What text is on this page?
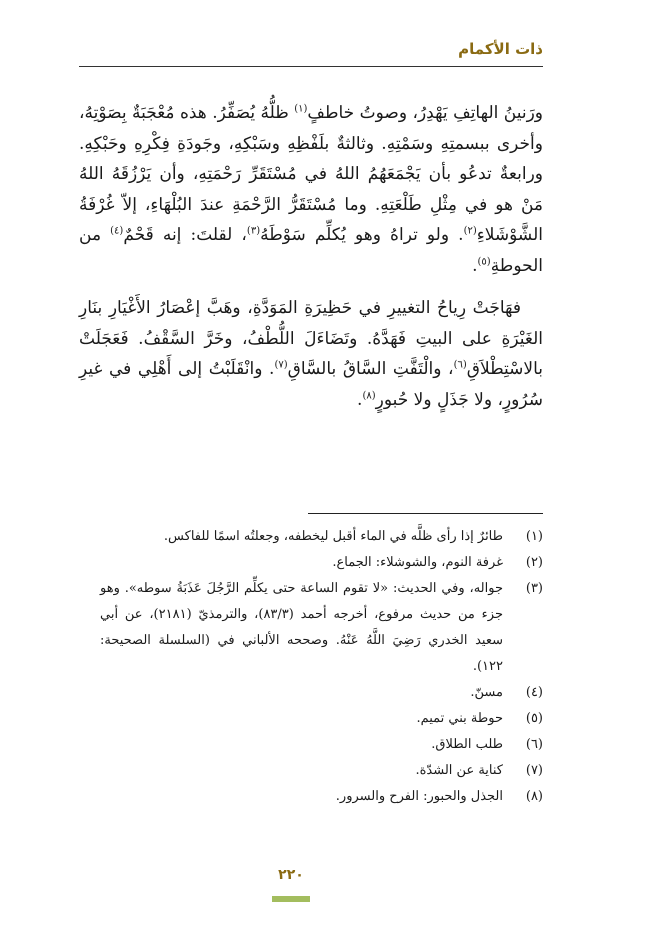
ذات الأكمام

ورَنينُ الهاتِفِ يَهْدِرُ، وصوتُ خاطفٍ$^{(١)}$ ظلُّهُ يُصَفِّرُ. هذه مُعْجَبَةٌ بِصَوْتِهُ، وأخرى ببسمتِهِ وسَمْتِهِ. وثالثةٌ بلَفْظِهِ وسَبْكِهِ، وجَودَةِ فِكْرِهِ وحَبْكِهِ. ورابعةٌ تدعُو بأن يَجْمَعَهُمُ اللهُ في مُسْتَقَرِّ رَحْمَتِهِ، وأن يَرْزُقَهُ اللهُ مَنْ هو في مِثْلِ طَلْعَتِهِ. وما مُسْتَقَرُّ الرَّحْمَةِ عندَ البُلْهَاءِ، إلاّ غُرْفَةُ الشَّوْشَلاءِ$^{(٢)}$. ولو تراهُ وهو يُكلِّم سَوْطَهُ$^{(٣)}$، لقلتَ: إنه قَحْمٌ$^{(٤)}$ من الحوطةِ$^{(٥)}$.

فهَاجَتْ رِياحُ التغييرِ في حَظِيرَةِ المَوَدَّةِ، وهَبَّ إعْصَارُ الأَغْيَارِ بنَارِ الغَيْرَةِ على البيتِ فَهَدَّهُ. وتَضَاءَلَ اللُّطْفُ، وخَرَّ السَّقْفُ. فَعَجَلَتْ بالاسْتِطْلاَقِ$^{(٦)}$، والْتَفَّتِ السَّاقُ بالسَّاقِ$^{(٧)}$. وانْقَلَبْتُ إلى أَهْلِي في غيرِ سُرُورٍ، ولا جَذَلٍ ولا حُبورٍ$^{(٨)}$.

(١)
طائرٌ إذا رأى ظلَّه في الماء أقبل ليخطفه، وجعلتُه اسمًا للفاكس.
(٢)
غرفة النوم، والشوشلاء: الجماع.
(٣)
جواله، وفي الحديث: «لا تقوم الساعة حتى يكلِّم الرَّجُلَ عَذَبَةُ سوطه». وهو جزء من حديث مرفوع، أخرجه أحمد (٨٣/٣)، والترمذيّ (٢١٨١)، عن أبي سعيد الخدري رَضِيَ اللَّهُ عَنْهُ. وصححه الألباني في (السلسلة الصحيحة: ١٢٢).
(٤)
مسنّ.
(٥)
حوطة بني تميم.
(٦)
طلب الطلاق.
(٧)
كناية عن الشدّة.
(٨)
الجذل والحبور: الفرح والسرور.
٢٢٠
